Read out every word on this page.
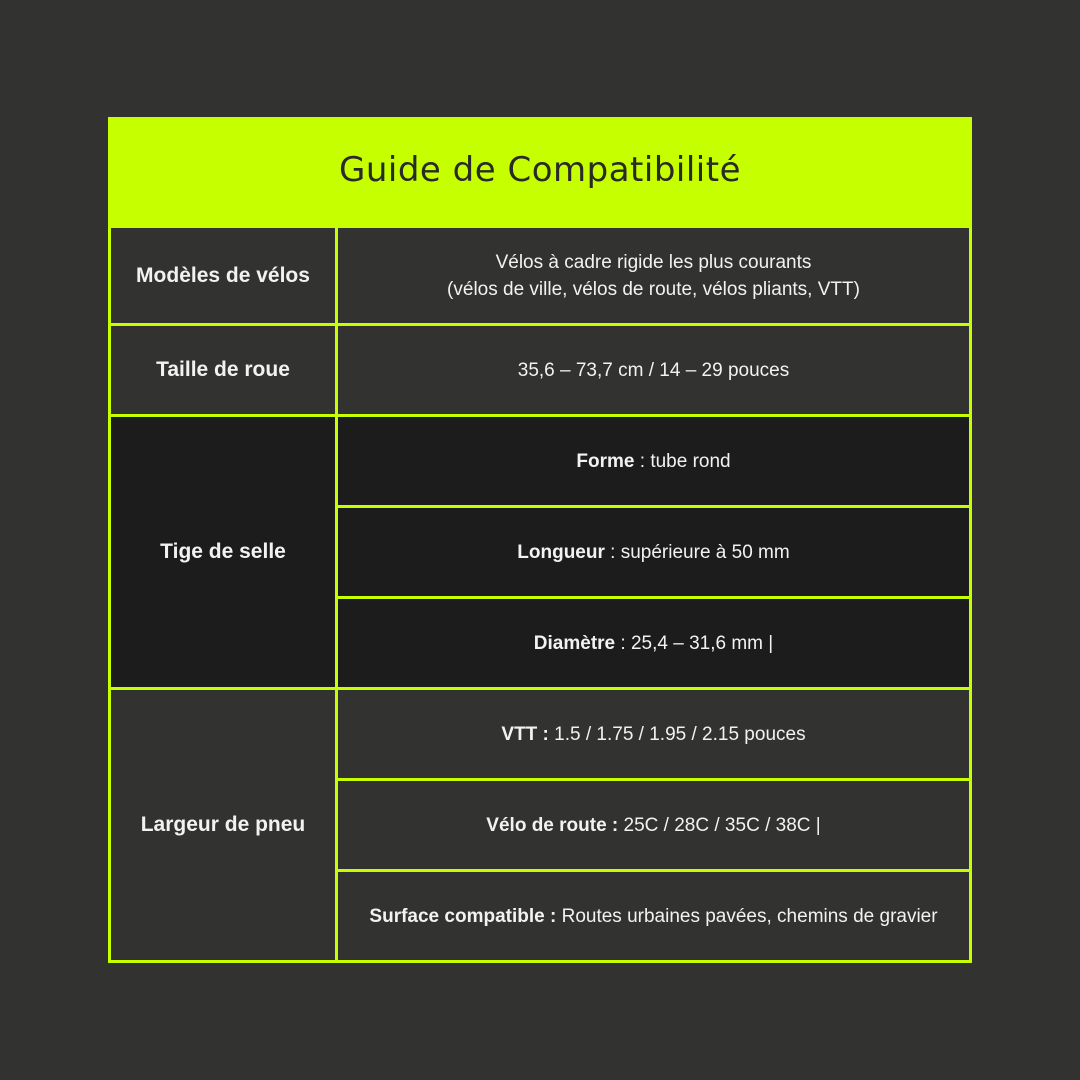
Guide de Compatibilité
Modèles de vélos
Vélos à cadre rigide les plus courants
(vélos de ville, vélos de route, vélos pliants, VTT)
Taille de roue	35,6 – 73,7 cm / 14 – 29 pouces
Tige de selle
Forme : tube rond
Longueur : supérieure à 50 mm
Diamètre : 25,4 – 31,6 mm |
Largeur de pneu
VTT : 1.5 / 1.75 / 1.95 / 2.15 pouces
Vélo de route : 25C / 28C / 35C / 38C |
Surface compatible : Routes urbaines pavées, chemins de gravier
